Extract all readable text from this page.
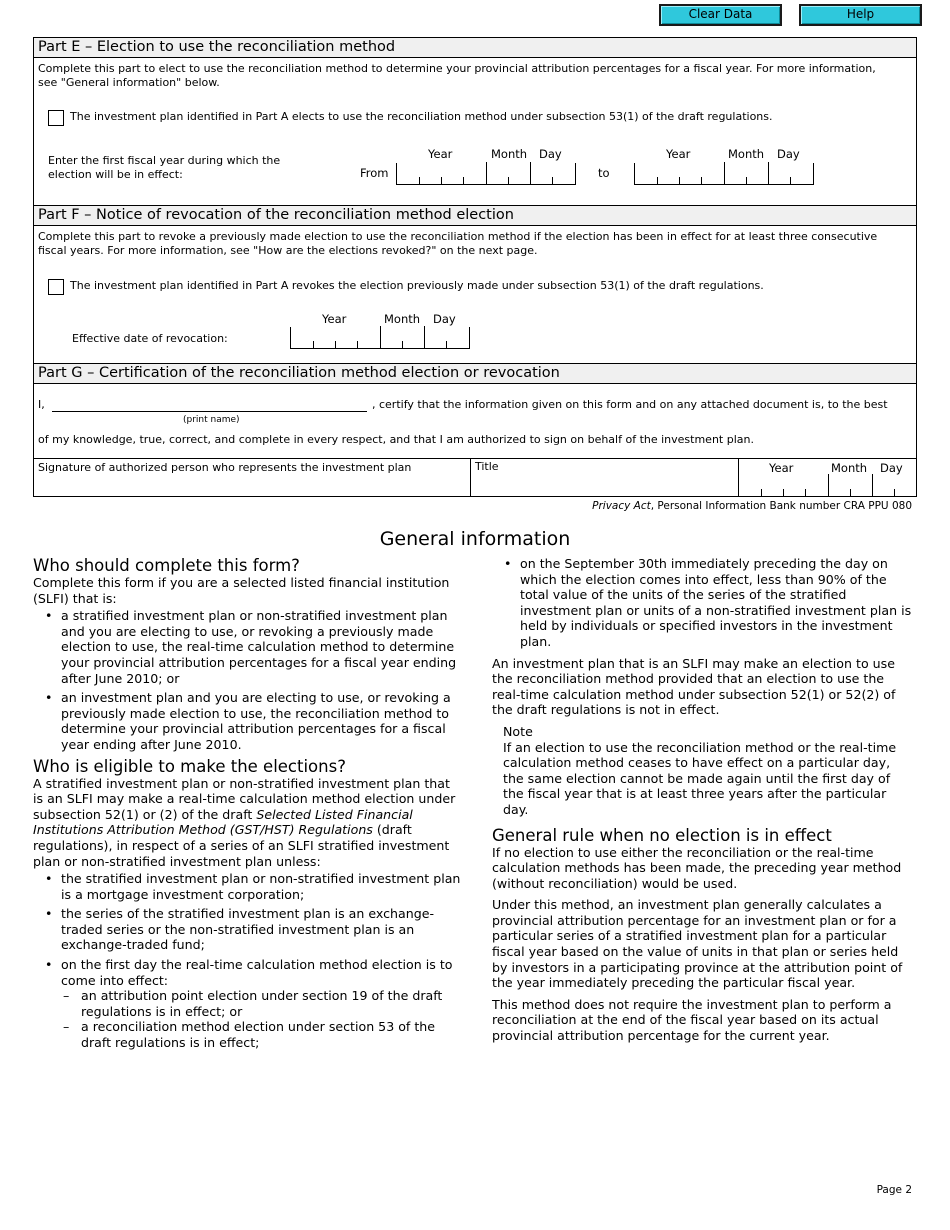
Clear Data	Help
Part E – Election to use the reconciliation method
Complete this part to elect to use the reconciliation method to determine your provincial attribution percentages for a fiscal year. For more information,
see "General information" below.
The investment plan identified in Part A elects to use the reconciliation method under subsection 53(1) of the draft regulations.
Enter the first fiscal year during which the
election will be in effect:
Year	Month Day
From	to
Year	Month Day
Part F – Notice of revocation of the reconciliation method election
Complete this part to revoke a previously made election to use the reconciliation method if the election has been in effect for at least three consecutive
fiscal years. For more information, see "How are the elections revoked?" on the next page.
The investment plan identified in Part A revokes the election previously made under subsection 53(1) of the draft regulations.
Effective date of revocation:
Year	Month Day
Part G – Certification of the reconciliation method election or revocation
I,	, certify that the information given on this form and on any attached document is, to the best
(print name)
of my knowledge, true, correct, and complete in every respect, and that I am authorized to sign on behalf of the investment plan.
Signature of authorized person who represents the investment plan	Title	Year	Month Day
Privacy Act, Personal Information Bank number CRA PPU 080
General information
Who should complete this form?

Complete this form if you are a selected listed financial institution (SLFI) that is:

• a stratified investment plan or non-stratified investment plan and you are electing to use, or revoking a previously made election to use, the real-time calculation method to determine your provincial attribution percentages for a fiscal year ending after June 2010; or
• an investment plan and you are electing to use, or revoking a previously made election to use, the reconciliation method to determine your provincial attribution percentages for a fiscal year ending after June 2010.
Who is eligible to make the elections?

A stratified investment plan or non-stratified investment plan that is an SLFI may make a real-time calculation method election under subsection 52(1) or (2) of the draft Selected Listed Financial Institutions Attribution Method (GST/HST) Regulations (draft regulations), in respect of a series of an SLFI stratified investment plan or non-stratified investment plan unless:

• the stratified investment plan or non-stratified investment plan is a mortgage investment corporation;
• the series of the stratified investment plan is an exchange-traded series or the non-stratified investment plan is an exchange-traded fund;
• on the first day the real-time calculation method election is to come into effect:
– an attribution point election under section 19 of the draft regulations is in effect; or
– a reconciliation method election under section 53 of the draft regulations is in effect;
• on the September 30th immediately preceding the day on which the election comes into effect, less than 90% of the total value of the units of the series of the stratified investment plan or units of a non-stratified investment plan is held by individuals or specified investors in the investment plan.

An investment plan that is an SLFI may make an election to use the reconciliation method provided that an election to use the real-time calculation method under subsection 52(1) or 52(2) of the draft regulations is not in effect.

Note

If an election to use the reconciliation method or the real-time calculation method ceases to have effect on a particular day, the same election cannot be made again until the first day of the fiscal year that is at least three years after the particular day.

General rule when no election is in effect

If no election to use either the reconciliation or the real-time calculation methods has been made, the preceding year method (without reconciliation) would be used.

Under this method, an investment plan generally calculates a provincial attribution percentage for an investment plan or for a particular series of a stratified investment plan for a particular fiscal year based on the value of units in that plan or series held by investors in a participating province at the attribution point of the year immediately preceding the particular fiscal year.

This method does not require the investment plan to perform a reconciliation at the end of the fiscal year based on its actual provincial attribution percentage for the current year.

Page 2
